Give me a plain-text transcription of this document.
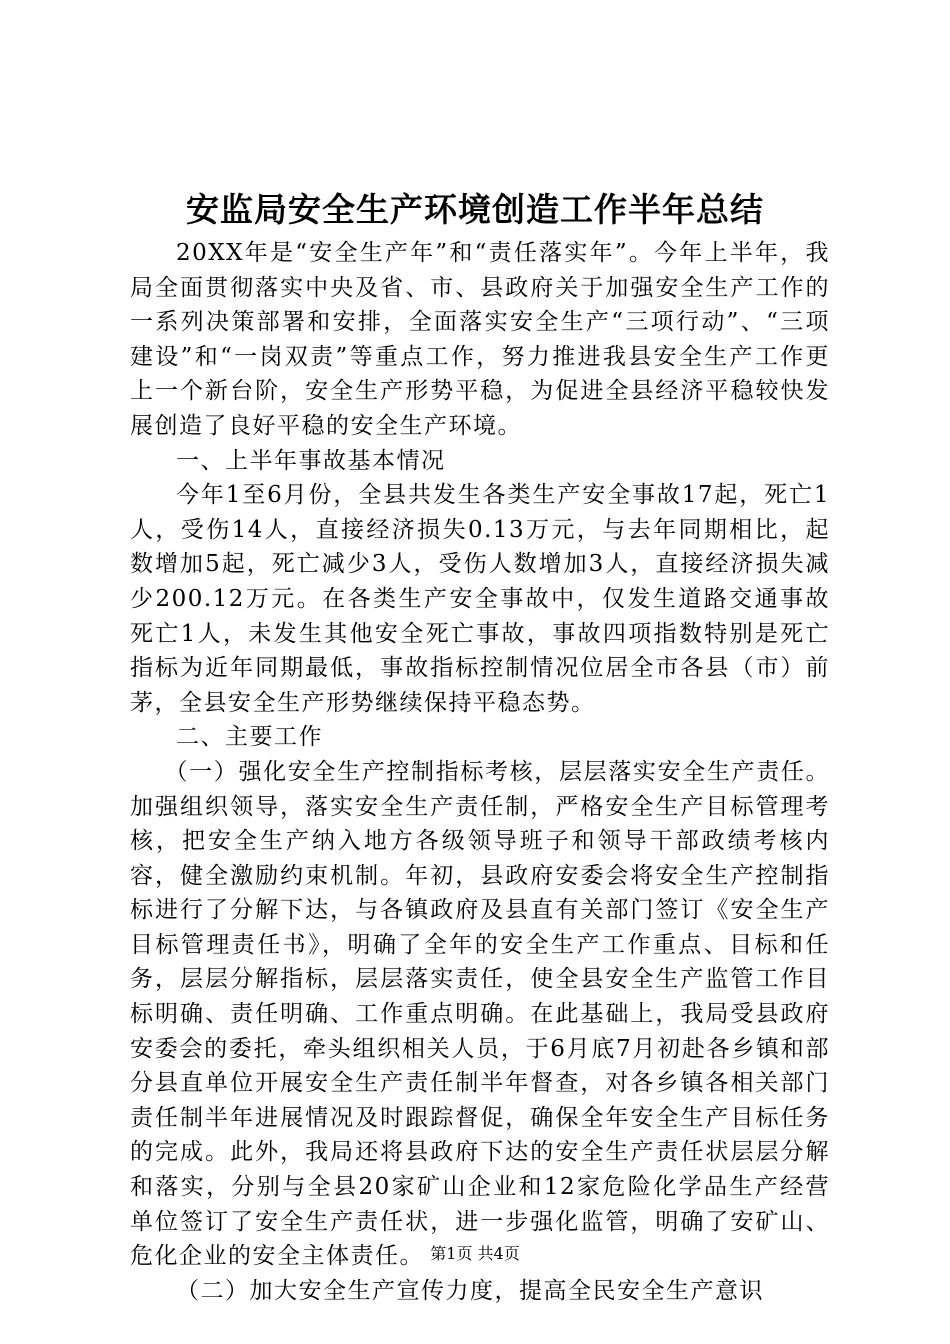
安监局安全生产环境创造工作半年总结

20XX年是“安全生产年”和“责任落实年”。今年上半年，我局全面贯彻落实中央及省、市、县政府关于加强安全生产工作的一系列决策部署和安排，全面落实安全生产“三项行动”、“三项建设”和“一岗双责”等重点工作，努力推进我县安全生产工作更上一个新台阶，安全生产形势平稳，为促进全县经济平稳较快发展创造了良好平稳的安全生产环境。

一、上半年事故基本情况

今年1至6月份，全县共发生各类生产安全事故17起，死亡1人，受伤14人，直接经济损失0.13万元，与去年同期相比，起数增加5起，死亡减少3人，受伤人数增加3人，直接经济损失减少200.12万元。在各类生产安全事故中，仅发生道路交通事故死亡1人，未发生其他安全死亡事故，事故四项指数特别是死亡指标为近年同期最低，事故指标控制情况位居全市各县（市）前茅，全县安全生产形势继续保持平稳态势。

二、主要工作

（一）强化安全生产控制指标考核，层层落实安全生产责任。加强组织领导，落实安全生产责任制，严格安全生产目标管理考核，把安全生产纳入地方各级领导班子和领导干部政绩考核内容，健全激励约束机制。年初，县政府安委会将安全生产控制指标进行了分解下达，与各镇政府及县直有关部门签订《安全生产目标管理责任书》，明确了全年的安全生产工作重点、目标和任务，层层分解指标，层层落实责任，使全县安全生产监管工作目标明确、责任明确、工作重点明确。在此基础上，我局受县政府安委会的委托，牵头组织相关人员，于6月底7月初赴各乡镇和部分县直单位开展安全生产责任制半年督查，对各乡镇各相关部门责任制半年进展情况及时跟踪督促，确保全年安全生产目标任务的完成。此外，我局还将县政府下达的安全生产责任状层层分解和落实，分别与全县20家矿山企业和12家危险化学品生产经营单位签订了安全生产责任状，进一步强化监管，明确了安矿山、危化企业的安全主体责任。

（二）加大安全生产宣传力度，提高全民安全生产意识

第1页 共4页
